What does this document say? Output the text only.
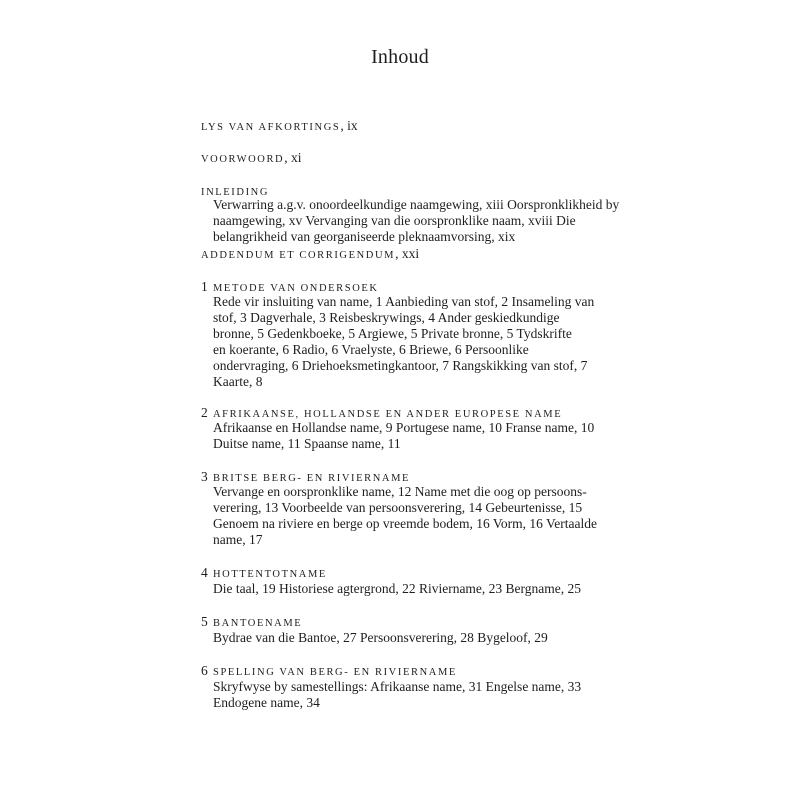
Inhoud
LYS VAN AFKORTINGS, ix
VOORWOORD, xi
INLEIDING
Verwarring a.g.v. onoordeelkundige naamgewing, xiii Oorspronklikheid by
naamgewing, xv Vervanging van die oorspronklike naam, xviii Die
belangrikheid van georganiseerde pleknaamvorsing, xix
ADDENDUM ET CORRIGENDUM, xxi
1 METODE VAN ONDERSOEK
Rede vir insluiting van name, 1 Aanbieding van stof, 2 Insameling van
stof, 3 Dagverhale, 3 Reisbeskrywings, 4 Ander geskiedkundige
bronne, 5 Gedenkboeke, 5 Argiewe, 5 Private bronne, 5 Tydskrifte
en koerante, 6 Radio, 6 Vraelyste, 6 Briewe, 6 Persoonlike
ondervraging, 6 Driehoeksmetingkantoor, 7 Rangskikking van stof, 7
Kaarte, 8
2 AFRIKAANSE, HOLLANDSE EN ANDER EUROPESE NAME
Afrikaanse en Hollandse name, 9 Portugese name, 10 Franse name, 10
Duitse name, 11 Spaanse name, 11
3 BRITSE BERG- EN RIVIERNAME
Vervange en oorspronklike name, 12 Name met die oog op persoons-
verering, 13 Voorbeelde van persoonsverering, 14 Gebeurtenisse, 15
Genoem na riviere en berge op vreemde bodem, 16 Vorm, 16 Vertaalde
name, 17
4 HOTTENTOTNAME
Die taal, 19 Historiese agtergrond, 22 Riviername, 23 Bergname, 25
5 BANTOENAME
Bydrae van die Bantoe, 27 Persoonsverering, 28 Bygeloof, 29
6 SPELLING VAN BERG- EN RIVIERNAME
Skryfwyse by samestellings: Afrikaanse name, 31 Engelse name, 33
Endogene name, 34
